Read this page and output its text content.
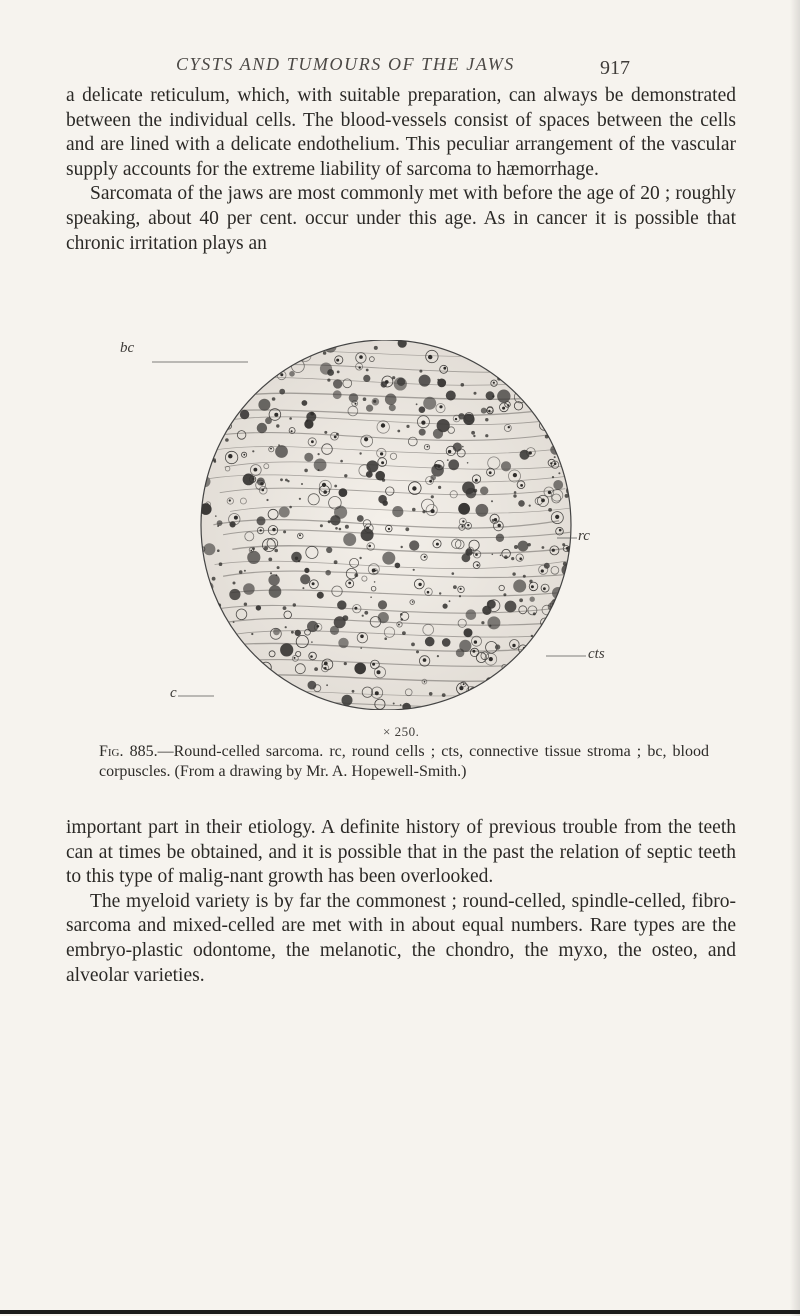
CYSTS AND TUMOURS OF THE JAWS	917

a delicate reticulum, which, with suitable preparation, can always be demonstrated between the individual cells. The blood-vessels consist of spaces between the cells and are lined with a delicate endothelium. This peculiar arrangement of the vascular supply accounts for the extreme liability of sarcoma to hæmorrhage.

Sarcomata of the jaws are most commonly met with before the age of 20 ; roughly speaking, about 40 per cent. occur under this age. As in cancer it is possible that chronic irritation plays an

bc
rc
cts
c
× 250.
Fig. 885.—Round-celled sarcoma. rc, round cells ; cts, connective tissue stroma ; bc, blood corpuscles. (From a drawing by Mr. A. Hopewell-Smith.)

important part in their etiology. A definite history of previous trouble from the teeth can at times be obtained, and it is possible that in the past the relation of septic teeth to this type of malig-nant growth has been overlooked.

The myeloid variety is by far the commonest ; round-celled, spindle-celled, fibro-sarcoma and mixed-celled are met with in about equal numbers. Rare types are the embryo-plastic odontome, the melanotic, the chondro, the myxo, the osteo, and alveolar varieties.
